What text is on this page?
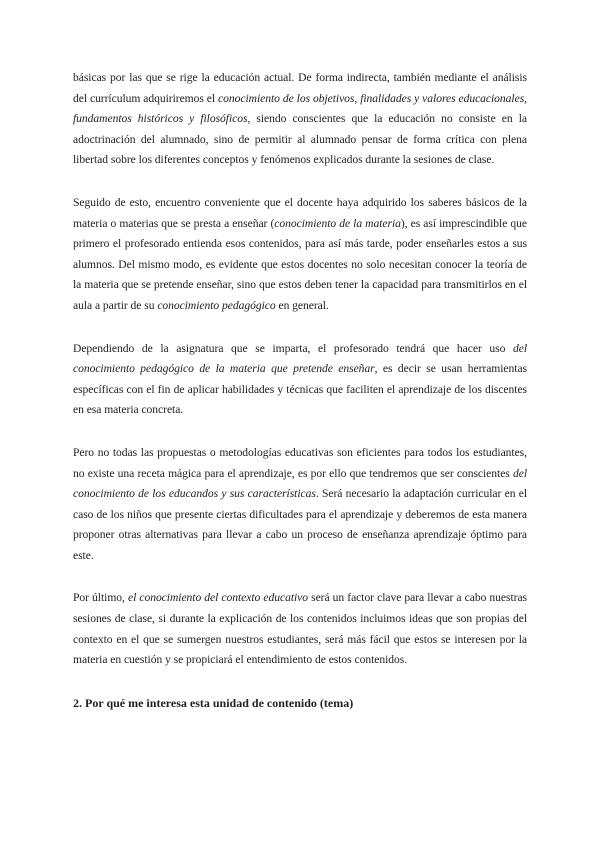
básicas por las que se rige la educación actual. De forma indirecta, también mediante el análisis del currículum adquiriremos el conocimiento de los objetivos, finalidades y valores educacionales, fundamentos históricos y filosóficos, siendo conscientes que la educación no consiste en la adoctrinación del alumnado, sino de permitir al alumnado pensar de forma crítica con plena libertad sobre los diferentes conceptos y fenómenos explicados durante la sesiones de clase.

Seguido de esto, encuentro conveniente que el docente haya adquirido los saberes básicos de la materia o materias que se presta a enseñar (conocimiento de la materia), es así imprescindible que primero el profesorado entienda esos contenidos, para así más tarde, poder enseñarles estos a sus alumnos. Del mismo modo, es evidente que estos docentes no solo necesitan conocer la teoría de la materia que se pretende enseñar, sino que estos deben tener la capacidad para transmitirlos en el aula a partir de su conocimiento pedagógico en general.

Dependiendo de la asignatura que se imparta, el profesorado tendrá que hacer uso del conocimiento pedagógico de la materia que pretende enseñar, es decir se usan herramientas específicas con el fin de aplicar habilidades y técnicas que faciliten el aprendizaje de los discentes en esa materia concreta.

Pero no todas las propuestas o metodologías educativas son eficientes para todos los estudiantes, no existe una receta mágica para el aprendizaje, es por ello que tendremos que ser conscientes del conocimiento de los educandos y sus características. Será necesario la adaptación curricular en el caso de los niños que presente ciertas dificultades para el aprendizaje y deberemos de esta manera proponer otras alternativas para llevar a cabo un proceso de enseñanza aprendizaje óptimo para este.

Por último, el conocimiento del contexto educativo será un factor clave para llevar a cabo nuestras sesiones de clase, si durante la explicación de los contenidos incluimos ideas que son propias del contexto en el que se sumergen nuestros estudiantes, será más fácil que estos se interesen por la materia en cuestión y se propiciará el entendimiento de estos contenidos.

2. Por qué me interesa esta unidad de contenido (tema)
